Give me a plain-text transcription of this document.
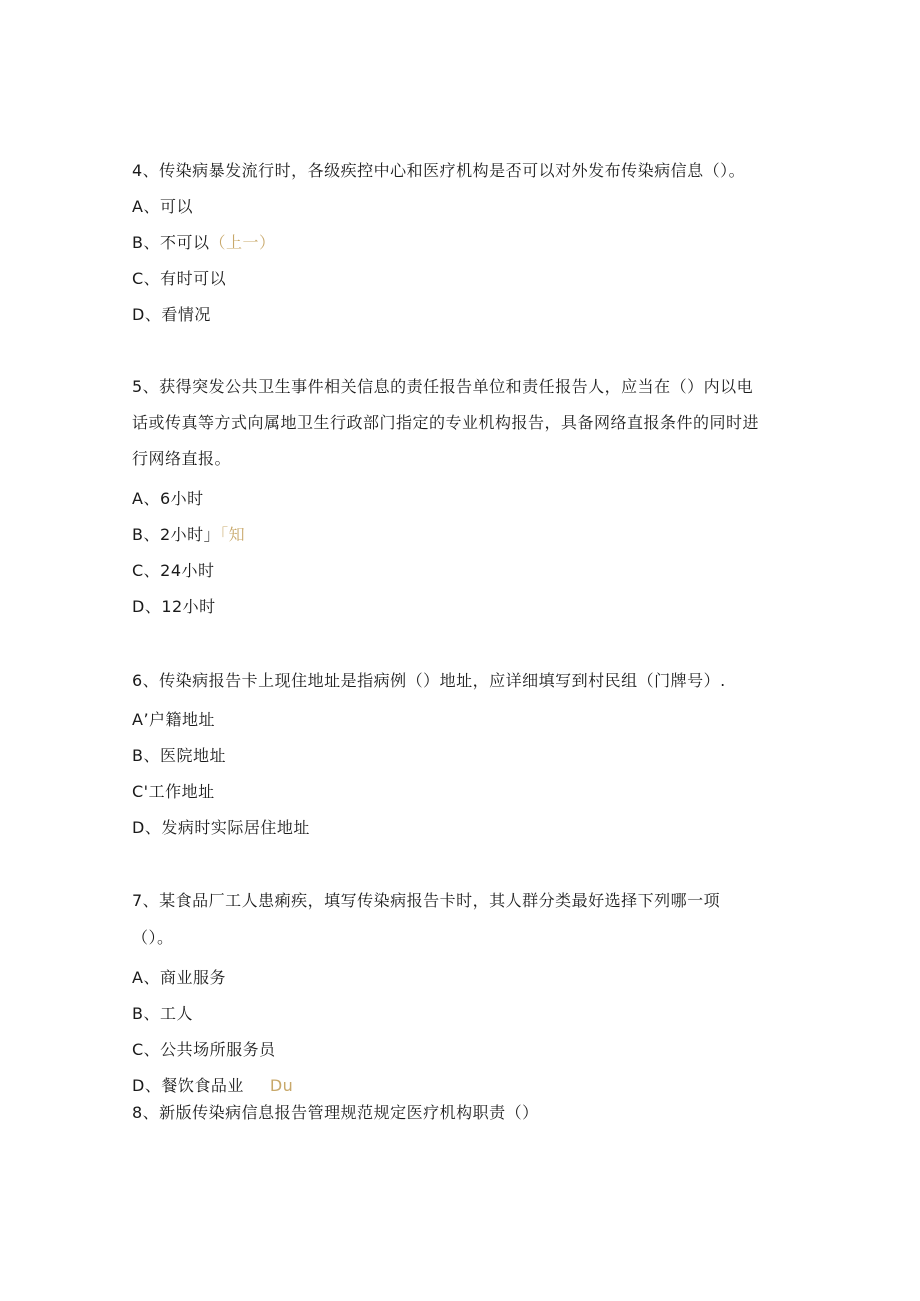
4、传染病暴发流行时，各级疾控中心和医疗机构是否可以对外发布传染病信息（）。
A、可以
B、不可以（上一）
C、有时可以
D、看情况
5、获得突发公共卫生事件相关信息的责任报告单位和责任报告人，应当在（）内以电
话或传真等方式向属地卫生行政部门指定的专业机构报告，具备网络直报条件的同时进
行网络直报。
A、6小时
B、2小时」「知
C、24小时
D、12小时
6、传染病报告卡上现住地址是指病例（）地址，应详细填写到村民组（门牌号）.
A’户籍地址
B、医院地址
C'工作地址
D、发病时实际居住地址
7、某食品厂工人患痢疾，填写传染病报告卡时，其人群分类最好选择下列哪一项
（）。
A、商业服务
B、工人
C、公共场所服务员
D、餐饮食品业 Du
8、新版传染病信息报告管理规范规定医疗机构职责（）
